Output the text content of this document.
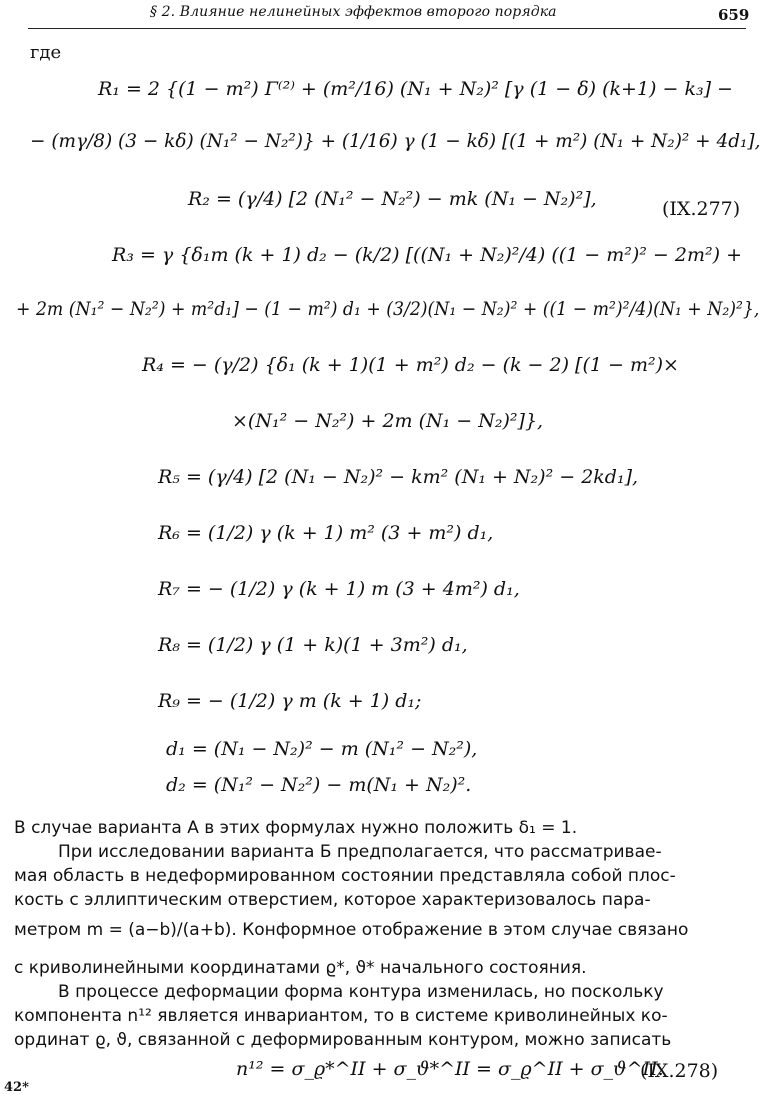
§ 2. Влияние нелинейных эффектов второго порядка	659
где
R₁ = 2 {(1 − m²) Γ⁽²⁾ + (m²/16) (N₁ + N₂)² [γ (1 − δ) (k+1) − k₃] −
− (mγ/8) (3 − kδ) (N₁² − N₂²)} + (1/16) γ (1 − kδ) [(1 + m²) (N₁ + N₂)² + 4d₁],
R₂ = (γ/4) [2 (N₁² − N₂²) − mk (N₁ − N₂)²],	(IX.277)
R₃ = γ {δ₁m (k + 1) d₂ − (k/2) [((N₁ + N₂)²/4) ((1 − m²)² − 2m²) +
+ 2m (N₁² − N₂²) + m²d₁] − (1 − m²) d₁ + (3/2)(N₁ − N₂)² + ((1 − m²)²/4)(N₁ + N₂)²},
R₄ = − (γ/2) {δ₁ (k + 1)(1 + m²) d₂ − (k − 2) [(1 − m²)×
×(N₁² − N₂²) + 2m (N₁ − N₂)²]},
R₅ = (γ/4) [2 (N₁ − N₂)² − km² (N₁ + N₂)² − 2kd₁],
R₆ = (1/2) γ (k + 1) m² (3 + m²) d₁,
R₇ = − (1/2) γ (k + 1) m (3 + 4m²) d₁,
R₈ = (1/2) γ (1 + k)(1 + 3m²) d₁,
R₉ = − (1/2) γ m (k + 1) d₁;
d₁ = (N₁ − N₂)² − m (N₁² − N₂²),
d₂ = (N₁² − N₂²) − m(N₁ + N₂)².
В случае варианта А в этих формулах нужно положить δ₁ = 1.
При исследовании варианта Б предполагается, что рассматривае-
мая область в недеформированном состоянии представляла собой плос-
кость с эллиптическим отверстием, которое характеризовалось пара-
метром m = (a−b)/(a+b). Конформное отображение в этом случае связано
с криволинейными координатами ϱ*, ϑ* начального состояния.
В процессе деформации форма контура изменилась, но поскольку
компонента n¹² является инвариантом, то в системе криволинейных ко-
ординат ϱ, ϑ, связанной с деформированным контуром, можно записать
n¹² = σ_ϱ*^II + σ_ϑ*^II = σ_ϱ^II + σ_ϑ^II.
(IX.278)
42*
